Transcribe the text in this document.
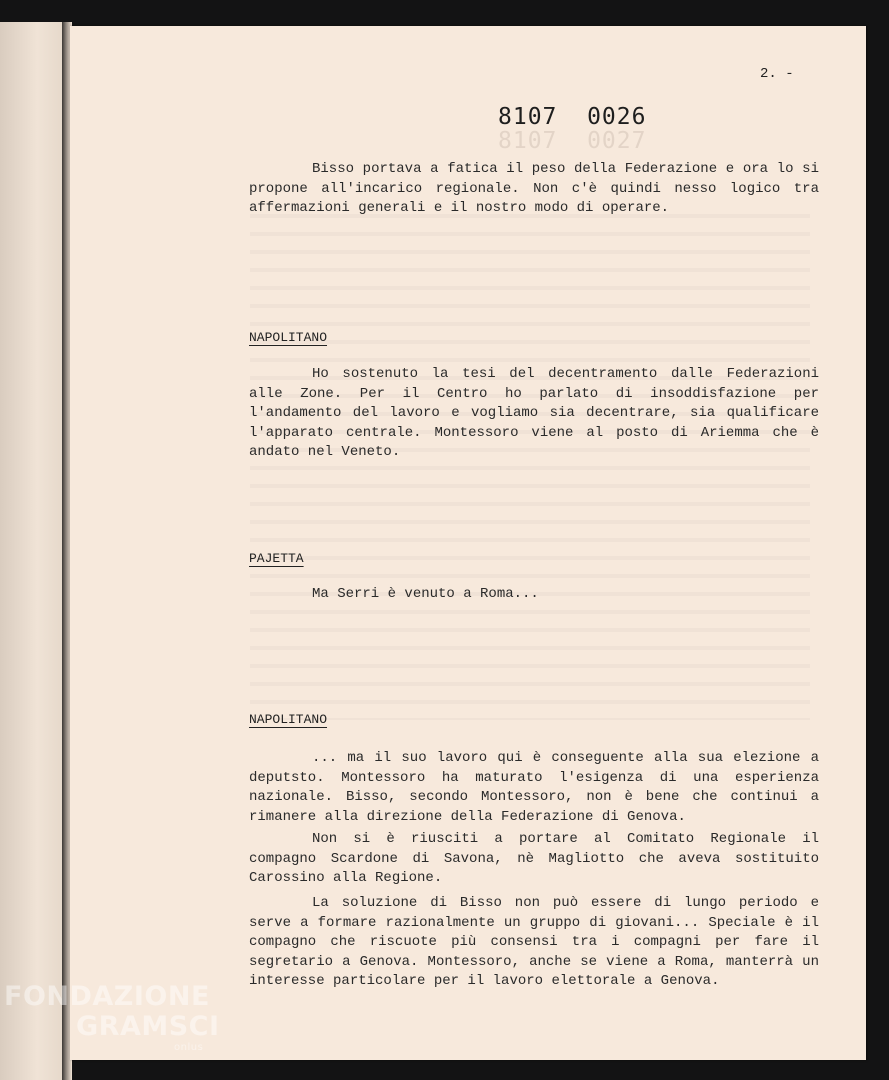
2. -
8107  0027
8107  0026

Bisso portava a fatica il peso della Federazione e ora lo si propone all'incarico regionale. Non c'è quindi nesso logico tra affermazioni generali e il nostro modo di operare.

NAPOLITANO

Ho sostenuto la tesi del decentramento dalle Federazioni alle Zone. Per il Centro ho parlato di insoddisfazione per l'andamento del lavoro e vogliamo sia decentrare, sia qualificare l'apparato centrale. Montessoro viene al posto di Ariemma che è andato nel Veneto.

PAJETTA

Ma Serri è venuto a Roma...

NAPOLITANO

... ma il suo lavoro qui è conseguente alla sua elezione a deputsto. Montessoro ha maturato l'esigenza di una esperienza nazionale. Bisso, secondo Montessoro, non è bene che continui a rimanere alla direzione della Federazione di Genova.

Non si è riusciti a portare al Comitato Regionale il compagno Scardone di Savona, nè Magliotto che aveva sostituito Carossino alla Regione.

La soluzione di Bisso non può essere di lungo periodo e serve a formare razionalmente un gruppo di giovani... Speciale è il compagno che riscuote più consensi tra i compagni per fare il segretario a Genova. Montessoro, anche se viene a Roma, manterrà un interesse particolare per il lavoro elettorale a Genova.

FONDAZIONE
GRAMSCI
onlus
